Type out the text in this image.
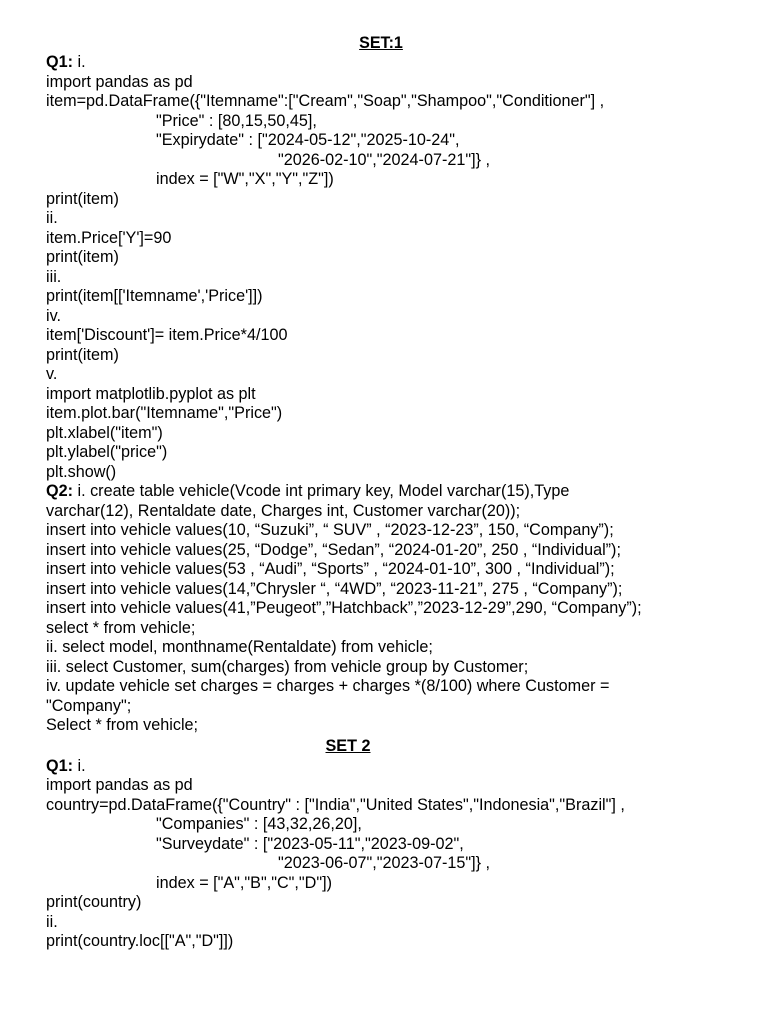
SET:1
Q1: i.
import pandas as pd
item=pd.DataFrame({"Itemname":["Cream","Soap","Shampoo","Conditioner"] ,
"Price" : [80,15,50,45],
"Expirydate" : ["2024-05-12","2025-10-24",
"2026-02-10","2024-07-21"]} ,
index = ["W","X","Y","Z"])
print(item)
ii.
item.Price['Y']=90
print(item)
iii.
print(item[['Itemname','Price']])
iv.
item['Discount']= item.Price*4/100
print(item)
v.
import matplotlib.pyplot as plt
item.plot.bar("Itemname","Price")
plt.xlabel("item")
plt.ylabel("price")
plt.show()
Q2: i. create table vehicle(Vcode int primary key, Model varchar(15),Type
varchar(12), Rentaldate date, Charges int, Customer varchar(20));
insert into vehicle values(10, “Suzuki”, “ SUV” , “2023-12-23”, 150, “Company”);
insert into vehicle values(25, “Dodge”, “Sedan”, “2024-01-20”, 250 , “Individual”);
insert into vehicle values(53 , “Audi”, “Sports” , “2024-01-10”, 300 , “Individual”);
insert into vehicle values(14,”Chrysler “, “4WD”, “2023-11-21”, 275 , “Company”);
insert into vehicle values(41,”Peugeot”,”Hatchback”,”2023-12-29”,290, “Company”);
select * from vehicle;
ii. select model, monthname(Rentaldate) from vehicle;
iii. select Customer, sum(charges) from vehicle group by Customer;
iv. update vehicle set charges = charges + charges *(8/100) where Customer =
"Company";
Select * from vehicle;
SET 2
Q1: i.
import pandas as pd
country=pd.DataFrame({"Country" : ["India","United States","Indonesia","Brazil"] ,
"Companies" : [43,32,26,20],
"Surveydate" : ["2023-05-11","2023-09-02",
"2023-06-07","2023-07-15"]} ,
index = ["A","B","C","D"])
print(country)
ii.
print(country.loc[["A","D"]])
